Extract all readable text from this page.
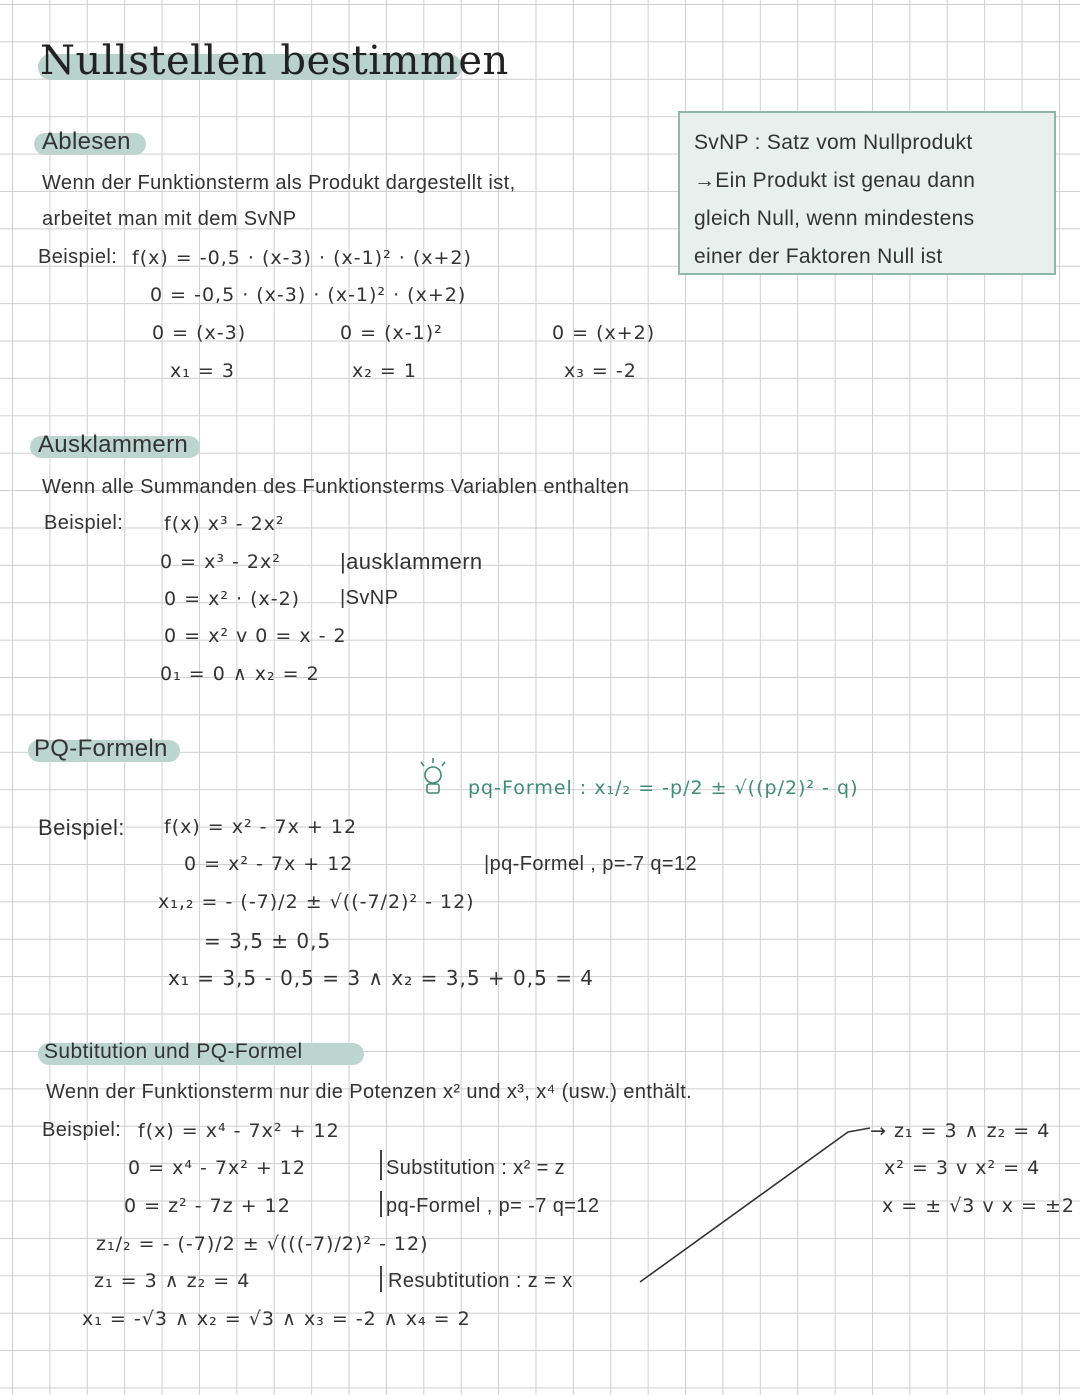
Nullstellen bestimmen
SvNP : Satz vom Nullprodukt
→Ein Produkt ist genau dann
gleich Null, wenn mindestens
einer der Faktoren Null ist
Ablesen
Wenn der Funktionsterm als Produkt dargestellt ist,
arbeitet man mit dem SvNP
Beispiel: f(x) = -0,5 · (x-3) · (x-1)² · (x+2)
0 = -0,5 · (x-3) · (x-1)² · (x+2)
0 = (x-3)	0 = (x-1)²	0 = (x+2)
x₁ = 3	x₂ = 1	x₃ = -2
Ausklammern
Wenn alle Summanden des Funktionsterms Variablen enthalten
Beispiel: f(x) x³ - 2x²
0 = x³ - 2x²	|ausklammern
0 = x² · (x-2) |SvNP
0 = x² v 0 = x - 2
0₁ = 0 ∧ x₂ = 2
PQ-Formeln
pq-Formel : x₁/₂ = -p/2 ± √((p/2)² - q)
Beispiel: f(x) = x² - 7x + 12
0 = x² - 7x + 12	|pq-Formel , p=-7 q=12
x₁,₂ = - (-7)/2 ± √((-7/2)² - 12)
= 3,5 ± 0,5
x₁ = 3,5 - 0,5 = 3 ∧ x₂ = 3,5 + 0,5 = 4
Subtitution und PQ-Formel
Wenn der Funktionsterm nur die Potenzen x² und x³, x⁴ (usw.) enthält.
Beispiel: f(x) = x⁴ - 7x² + 12
0 = x⁴ - 7x² + 12	Substitution : x² = z
0 = z² - 7z + 12	pq-Formel , p= -7 q=12
z₁/₂ = - (-7)/2 ± √(((-7)/2)² - 12)
z₁ = 3 ∧ z₂ = 4	Resubtitution : z = x
x₁ = -√3 ∧ x₂ = √3 ∧ x₃ = -2 ∧ x₄ = 2
→ z₁ = 3 ∧ z₂ = 4
x² = 3 v x² = 4
x = ± √3 v x = ±2
